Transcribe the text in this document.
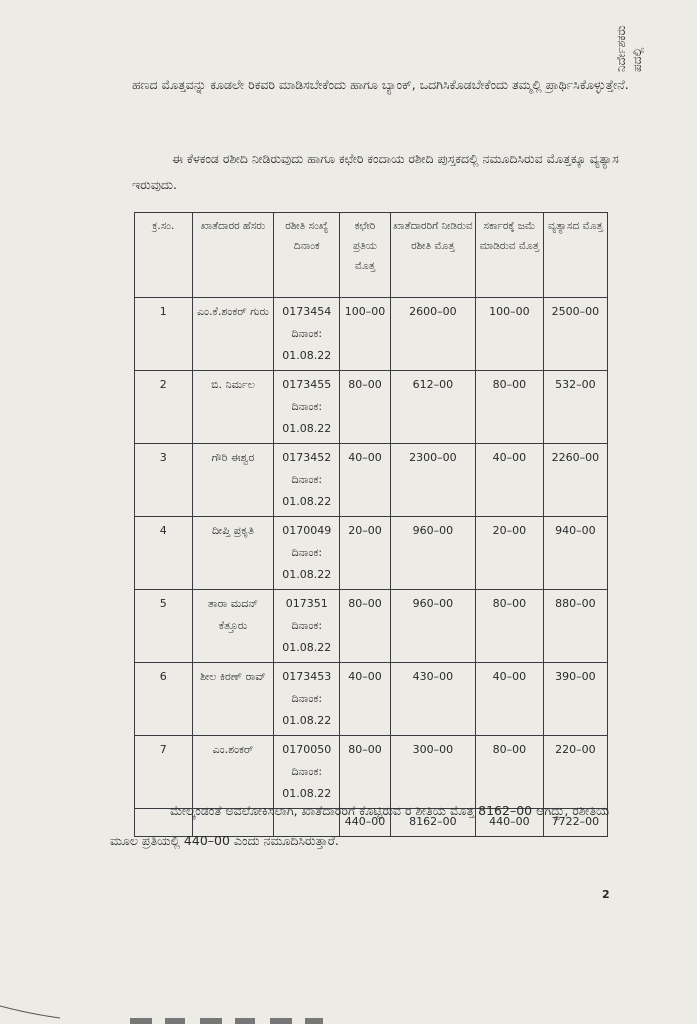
ನಿರ್ದೇಶಕರು ಪದಲ್ಲಿ
ಹಣದ ಮೊತ್ತವನ್ನು ಕೂಡಲೇ ರಿಕವರಿ ಮಾಡಿಸಬೇಕೆಂದು ಹಾಗೂ ಬ್ಯಾಂಕ್, ಒದಗಿಸಿಕೊಡಬೇಕೆಂದು ತಮ್ಮಲ್ಲಿ ಪ್ರಾರ್ಥಿಸಿಕೊಳ್ಳುತ್ತೇನೆ.
ಈ ಕೆಳಕಂಡ ರಶೀದಿ ನೀಡಿರುವುದು ಹಾಗೂ ಕಛೇರಿ ಕಂದಾಯ ರಶೀದಿ ಪುಸ್ತಕದಲ್ಲಿ ನಮೂದಿಸಿರುವ ಮೊತ್ತಕ್ಕೂ ವ್ಯತ್ಯಾಸ ಇರುವುದು.
ಕ್ರ.ಸಂ.	ಖಾತೆದಾರರ ಹೆಸರು	ರಶೀತಿ ಸಂಖ್ಯೆ ದಿನಾಂಕ	ಕಛೇರಿ ಪ್ರತಿಯ ಮೊತ್ತ	ಖಾತೆದಾರರಿಗೆ ನೀಡಿರುವ ರಶೀತಿ ಮೊತ್ತ	ಸರ್ಕಾರಕ್ಕೆ ಜಮೆ ಮಾಡಿರುವ ಮೊತ್ತ	ವ್ಯತ್ಯಾಸದ ಮೊತ್ತ
1	ಎಂ.ಕೆ.ಶಂಕರ್ ಗುರು	0173454
ದಿನಾಂಕ:
01.08.22	100–00	2600–00	100–00	2500–00
2	ಬಿ. ನಿರ್ಮಲ	0173455
ದಿನಾಂಕ:
01.08.22	80–00	612–00	80–00	532–00
3	ಗೌರಿ ಈಶ್ವರ	0173452
ದಿನಾಂಕ:
01.08.22	40–00	2300–00	40–00	2260–00
4	ದೀಪ್ತಿ ಪ್ರಕೃತಿ	0170049
ದಿನಾಂಕ:
01.08.22	20–00	960–00	20–00	940–00
5	ತಾರಾ ಮದನ್ ಕೆತ್ತೂರು	017351
ದಿನಾಂಕ:
01.08.22	80–00	960–00	80–00	880–00
6	ಶೀಲ ಕಿರಣ್ ರಾವ್	0173453
ದಿನಾಂಕ:
01.08.22	40–00	430–00	40–00	390–00
7	ಎಂ.ಶಂಕರ್	0170050
ದಿನಾಂಕ:
01.08.22	80–00	300–00	80–00	220–00
			440–00	8162–00	440–00	7722–00
ಮೇಲ್ಕಂಡಂತೆ ಅವಲೋಕಿಸಲಾಗಿ, ಖಾತೆದಾರರಿಗೆ ಕೊಟ್ಟಿರುವ ರ ಶೀತಿಯ ಮೊತ್ತ 8162–00 ಆಗಿದ್ದು, ರಶೀತಿಯ ಮೂಲ ಪ್ರತಿಯಲ್ಲಿ 440–00 ಎಂದು ನಮೂದಿಸಿರುತ್ತಾರೆ.
2
